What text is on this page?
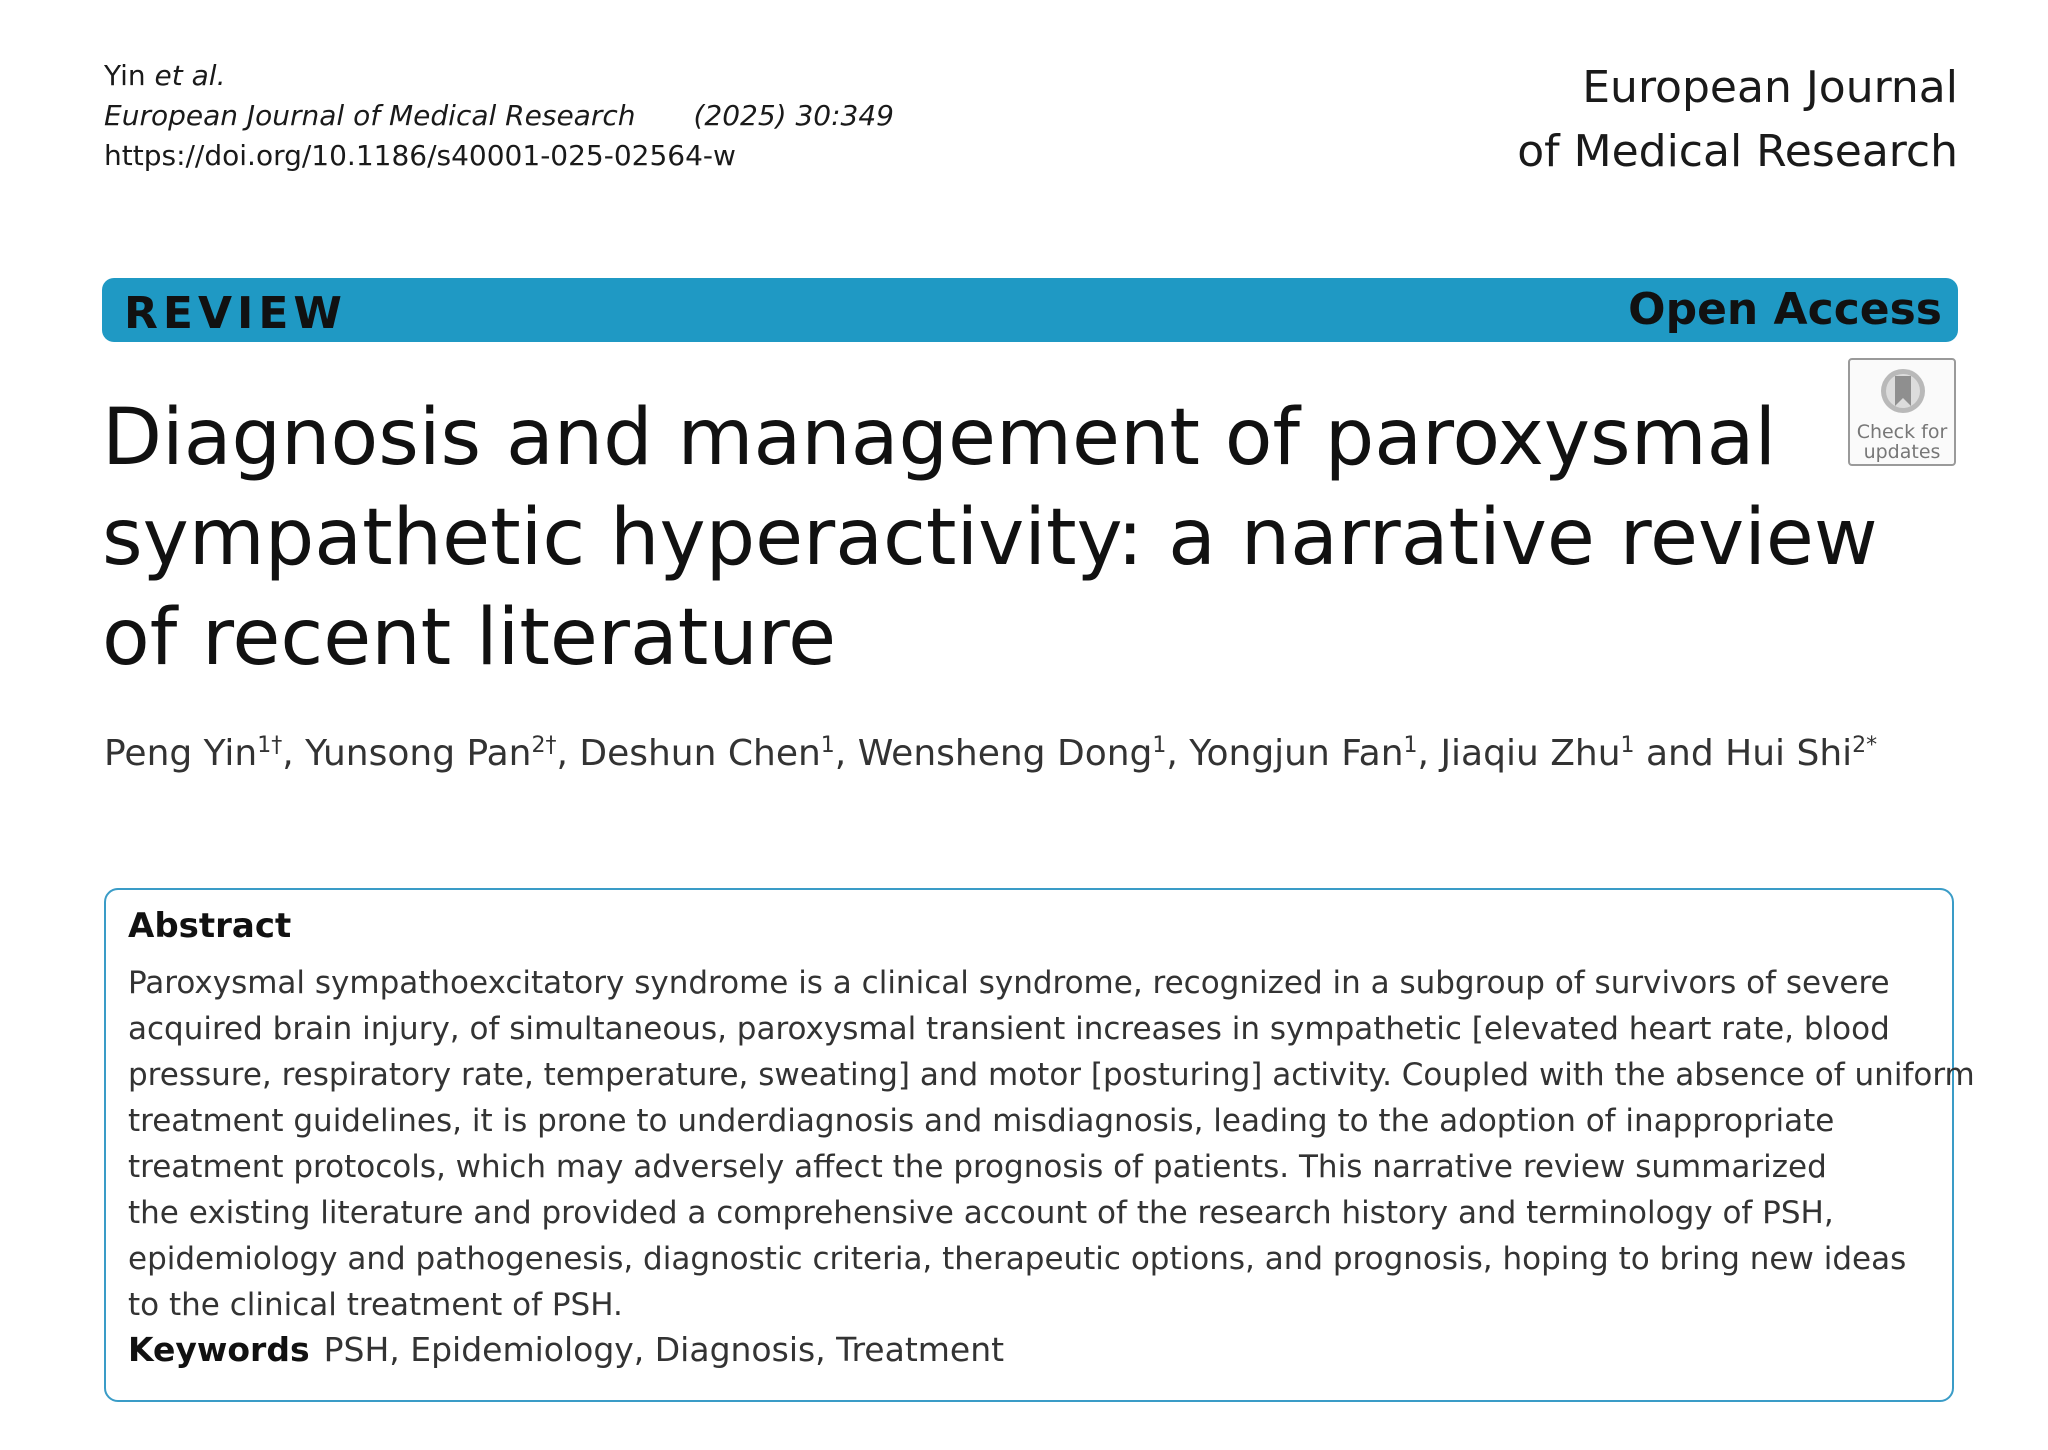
Yin et al.
European Journal of Medical Research (2025) 30:349
https://doi.org/10.1186/s40001-025-02564-w
European Journal
of Medical Research
REVIEW	Open Access
Check for
updates
Diagnosis and management of paroxysmal
sympathetic hyperactivity: a narrative review
of recent literature
Peng Yin$^{1\dagger}$, Yunsong Pan$^{2\dagger}$, Deshun Chen$^1$, Wensheng Dong$^1$, Yongjun Fan$^1$, Jiaqiu Zhu$^1$ and Hui Shi$^{2*}$
Abstract

Paroxysmal sympathoexcitatory syndrome is a clinical syndrome, recognized in a subgroup of survivors of severe
acquired brain injury, of simultaneous, paroxysmal transient increases in sympathetic [elevated heart rate, blood
pressure, respiratory rate, temperature, sweating] and motor [posturing] activity. Coupled with the absence of uniform
treatment guidelines, it is prone to underdiagnosis and misdiagnosis, leading to the adoption of inappropriate
treatment protocols, which may adversely affect the prognosis of patients. This narrative review summarized
the existing literature and provided a comprehensive account of the research history and terminology of PSH,
epidemiology and pathogenesis, diagnostic criteria, therapeutic options, and prognosis, hoping to bring new ideas
to the clinical treatment of PSH.

Keywords PSH, Epidemiology, Diagnosis, Treatment
